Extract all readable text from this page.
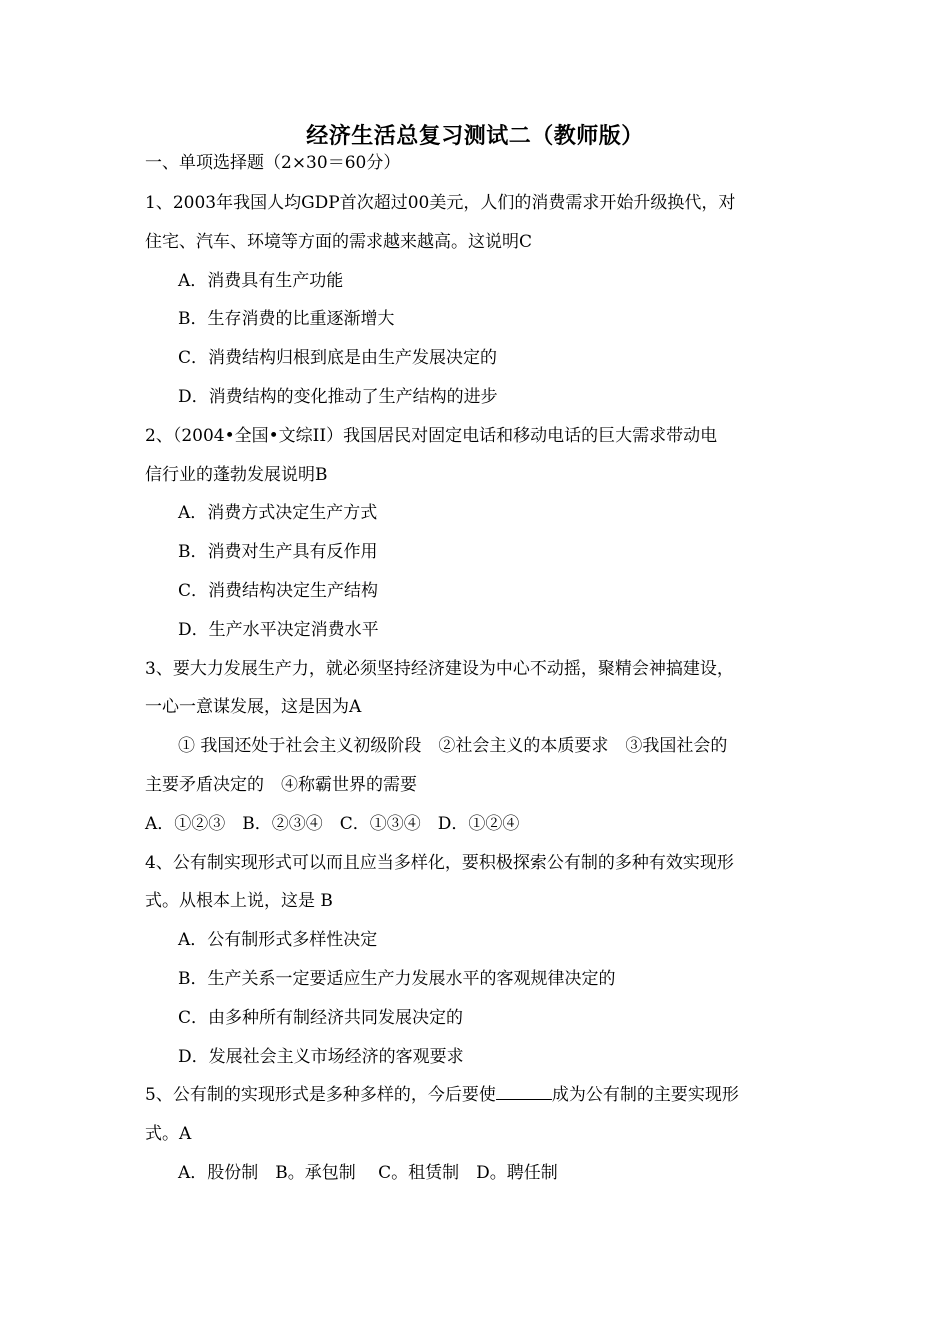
经济生活总复习测试二（教师版）
一、单项选择题（2×30＝60分）
1、2003年我国人均GDP首次超过00美元，人们的消费需求开始升级换代，对
住宅、汽车、环境等方面的需求越来越高。这说明C
A．消费具有生产功能
B．生存消费的比重逐渐增大
C．消费结构归根到底是由生产发展决定的
D．消费结构的变化推动了生产结构的进步
2、（2004•全国•文综II）我国居民对固定电话和移动电话的巨大需求带动电
信行业的蓬勃发展说明B
A．消费方式决定生产方式
B．消费对生产具有反作用
C．消费结构决定生产结构
D．生产水平决定消费水平
3、要大力发展生产力，就必须坚持经济建设为中心不动摇，聚精会神搞建设，
一心一意谋发展，这是因为A
① 我国还处于社会主义初级阶段　②社会主义的本质要求　③我国社会的
主要矛盾决定的　④称霸世界的需要
A．①②③　B．②③④　C．①③④　D．①②④
4、公有制实现形式可以而且应当多样化，要积极探索公有制的多种有效实现形
式。从根本上说，这是 B
A．公有制形式多样性决定
B．生产关系一定要适应生产力发展水平的客观规律决定的
C．由多种所有制经济共同发展决定的
D．发展社会主义市场经济的客观要求
5、公有制的实现形式是多种多样的，今后要使	成为公有制的主要实现形
式。A
A．股份制　B。承包制　 C。租赁制　D。聘任制
